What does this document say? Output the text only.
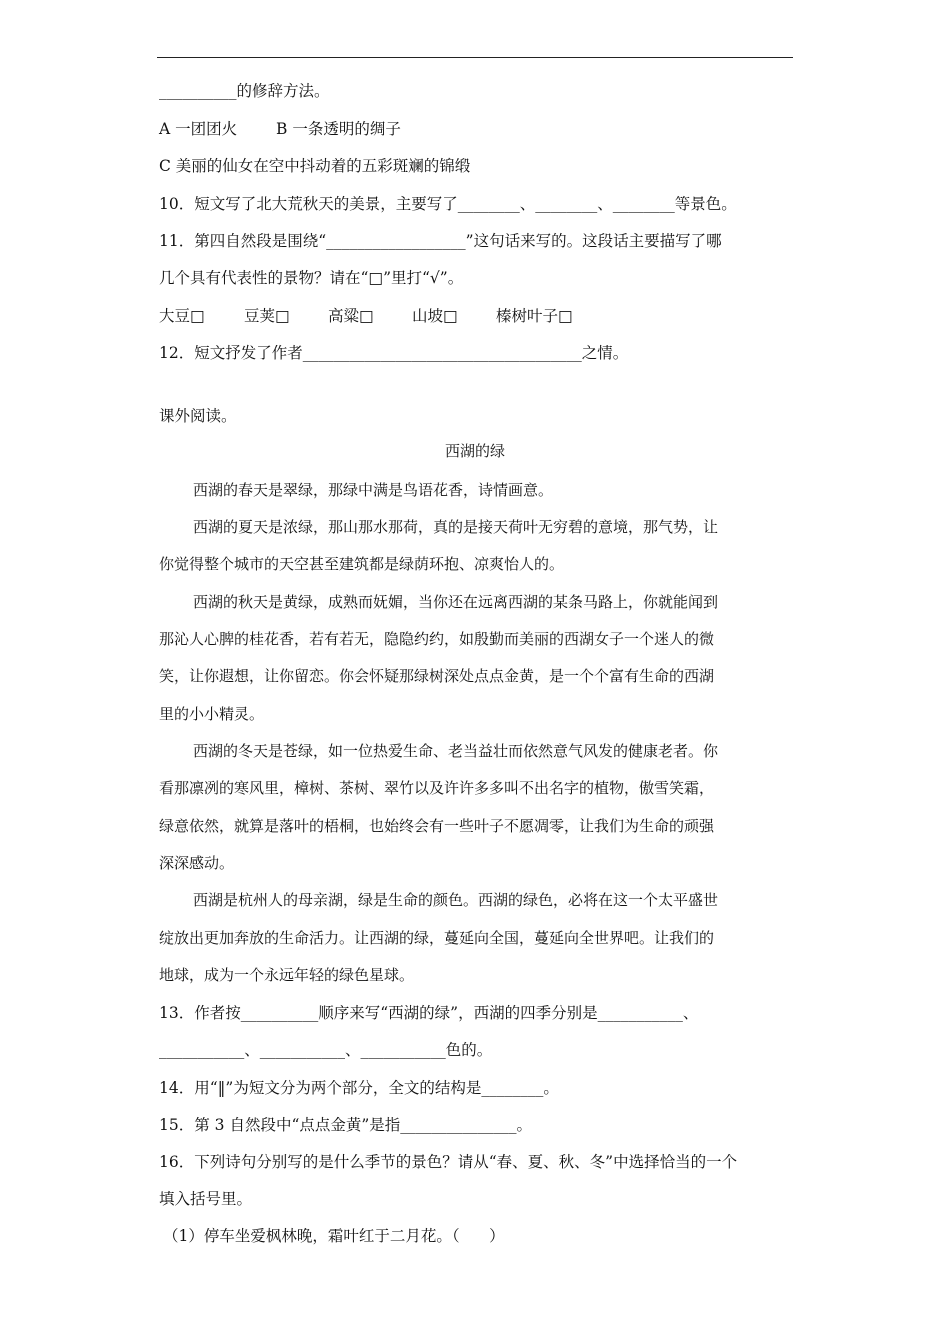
__________的修辞方法。
A 一团团火	B 一条透明的绸子
C 美丽的仙女在空中抖动着的五彩斑斓的锦缎
10．短文写了北大荒秋天的美景，主要写了________、________、________等景色。
11．第四自然段是围绕“__________________”这句话来写的。这段话主要描写了哪
几个具有代表性的景物？请在“□”里打“√”。
大豆□	豆荚□ 高粱□ 山坡□ 榛树叶子□
12．短文抒发了作者____________________________________之情。
课外阅读。
西湖的绿
西湖的春天是翠绿，那绿中满是鸟语花香，诗情画意。
西湖的夏天是浓绿，那山那水那荷，真的是接天荷叶无穷碧的意境，那气势，让
你觉得整个城市的天空甚至建筑都是绿荫环抱、凉爽怡人的。
西湖的秋天是黄绿，成熟而妩媚，当你还在远离西湖的某条马路上，你就能闻到
那沁人心脾的桂花香，若有若无，隐隐约约，如殷勤而美丽的西湖女子一个迷人的微
笑，让你遐想，让你留恋。你会怀疑那绿树深处点点金黄，是一个个富有生命的西湖
里的小小精灵。
西湖的冬天是苍绿，如一位热爱生命、老当益壮而依然意气风发的健康老者。你
看那凛冽的寒风里，樟树、茶树、翠竹以及许许多多叫不出名字的植物，傲雪笑霜，
绿意依然，就算是落叶的梧桐，也始终会有一些叶子不愿凋零，让我们为生命的顽强
深深感动。
西湖是杭州人的母亲湖，绿是生命的颜色。西湖的绿色，必将在这一个太平盛世
绽放出更加奔放的生命活力。让西湖的绿，蔓延向全国，蔓延向全世界吧。让我们的
地球，成为一个永远年轻的绿色星球。
13．作者按__________顺序来写“西湖的绿”，西湖的四季分别是___________、
___________、___________、___________色的。
14．用“‖”为短文分为两个部分，全文的结构是________。
15．第 3 自然段中“点点金黄”是指_______________。
16．下列诗句分别写的是什么季节的景色？请从“春、夏、秋、冬”中选择恰当的一个
填入括号里。
（1）停车坐爱枫林晚，霜叶红于二月花。（      ）
